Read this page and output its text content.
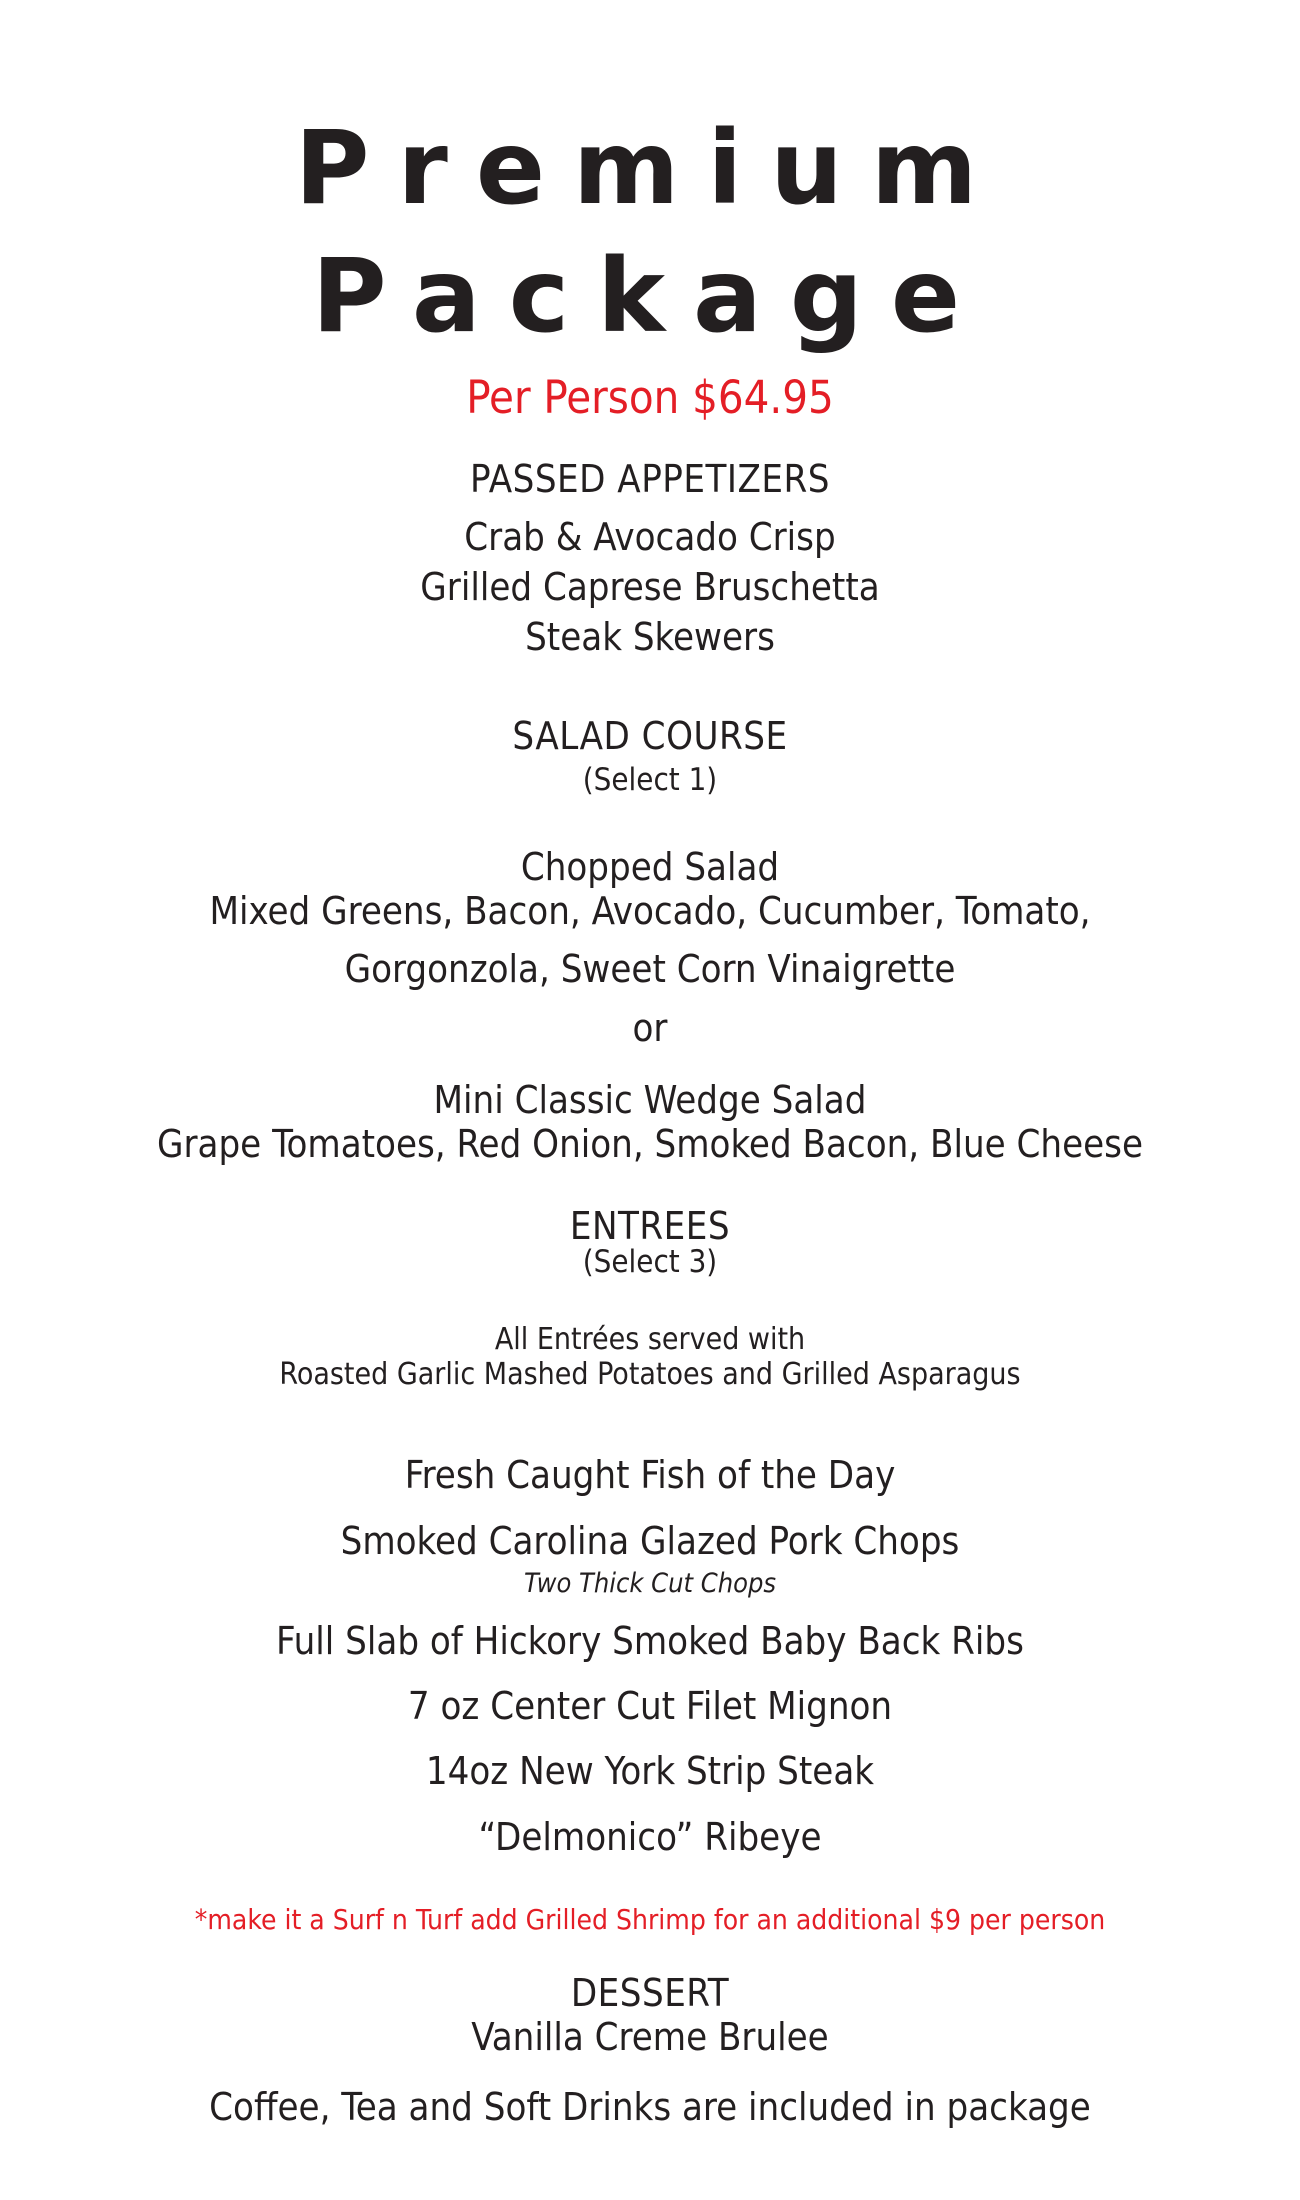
Premium
Package
Per Person $64.95
PASSED APPETIZERS
Crab & Avocado Crisp
Grilled Caprese Bruschetta
Steak Skewers
SALAD COURSE
(Select 1)
Chopped Salad
Mixed Greens, Bacon, Avocado, Cucumber, Tomato,
Gorgonzola, Sweet Corn Vinaigrette
or
Mini Classic Wedge Salad
Grape Tomatoes, Red Onion, Smoked Bacon, Blue Cheese
ENTREES
(Select 3)
All Entrées served with
Roasted Garlic Mashed Potatoes and Grilled Asparagus
Fresh Caught Fish of the Day
Smoked Carolina Glazed Pork Chops
Two Thick Cut Chops
Full Slab of Hickory Smoked Baby Back Ribs
7 oz Center Cut Filet Mignon
14oz New York Strip Steak
“Delmonico” Ribeye
*make it a Surf n Turf add Grilled Shrimp for an additional $9 per person
DESSERT
Vanilla Creme Brulee
Coffee, Tea and Soft Drinks are included in package
